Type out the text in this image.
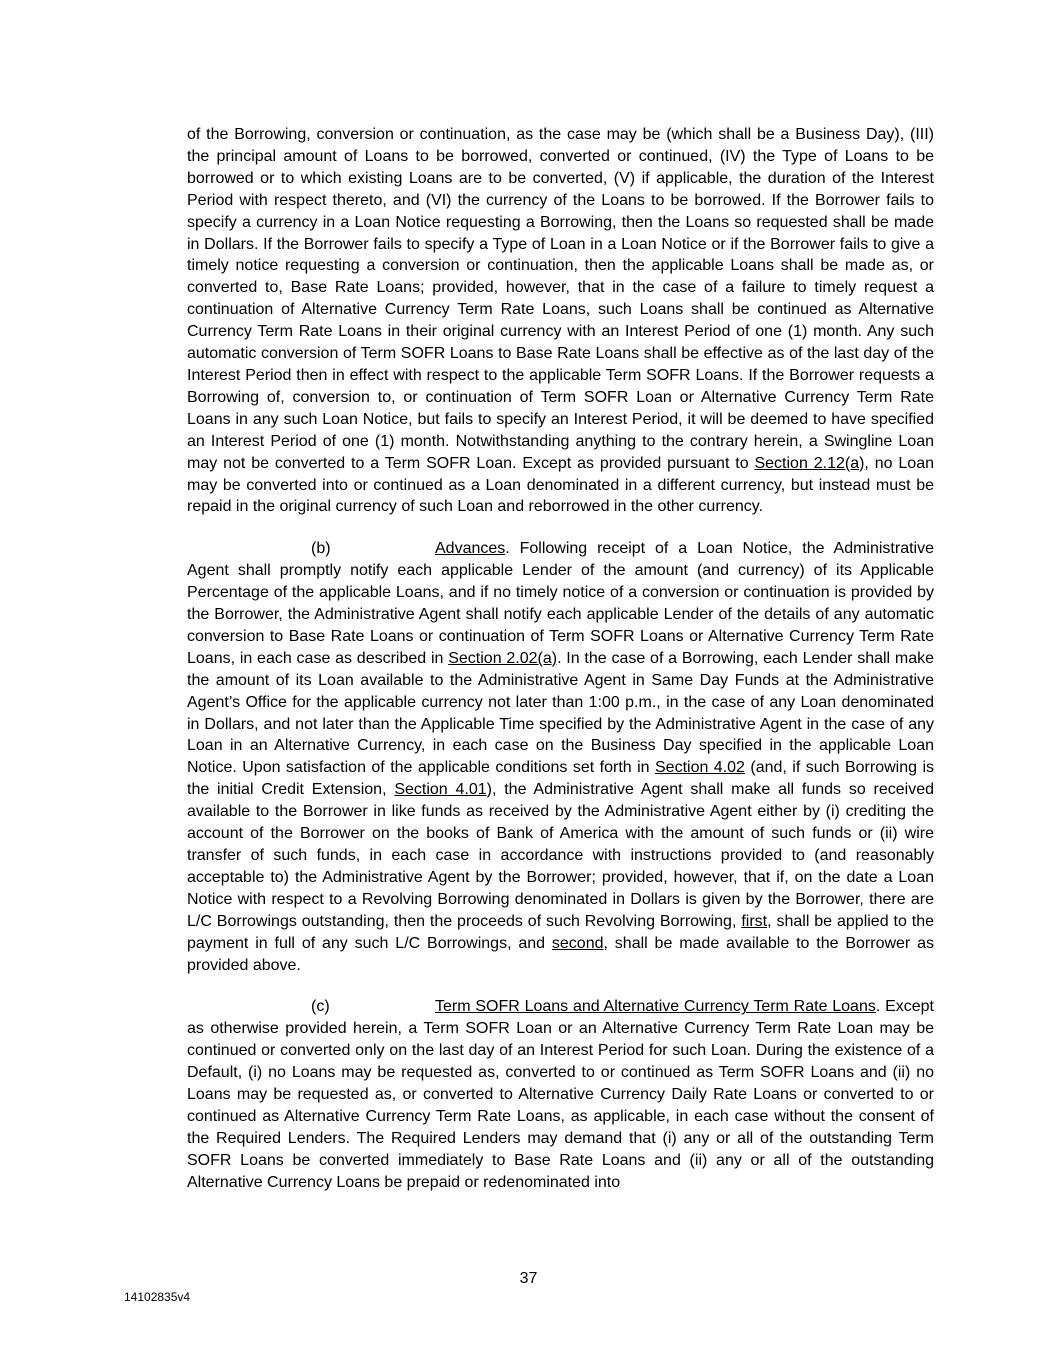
of the Borrowing, conversion or continuation, as the case may be (which shall be a Business Day), (III) the principal amount of Loans to be borrowed, converted or continued, (IV) the Type of Loans to be borrowed or to which existing Loans are to be converted, (V) if applicable, the duration of the Interest Period with respect thereto, and (VI) the currency of the Loans to be borrowed. If the Borrower fails to specify a currency in a Loan Notice requesting a Borrowing, then the Loans so requested shall be made in Dollars. If the Borrower fails to specify a Type of Loan in a Loan Notice or if the Borrower fails to give a timely notice requesting a conversion or continuation, then the applicable Loans shall be made as, or converted to, Base Rate Loans; provided, however, that in the case of a failure to timely request a continuation of Alternative Currency Term Rate Loans, such Loans shall be continued as Alternative Currency Term Rate Loans in their original currency with an Interest Period of one (1) month. Any such automatic conversion of Term SOFR Loans to Base Rate Loans shall be effective as of the last day of the Interest Period then in effect with respect to the applicable Term SOFR Loans. If the Borrower requests a Borrowing of, conversion to, or continuation of Term SOFR Loan or Alternative Currency Term Rate Loans in any such Loan Notice, but fails to specify an Interest Period, it will be deemed to have specified an Interest Period of one (1) month. Notwithstanding anything to the contrary herein, a Swingline Loan may not be converted to a Term SOFR Loan. Except as provided pursuant to Section 2.12(a), no Loan may be converted into or continued as a Loan denominated in a different currency, but instead must be repaid in the original currency of such Loan and reborrowed in the other currency.

(b)	Advances. Following receipt of a Loan Notice, the Administrative Agent shall promptly notify each applicable Lender of the amount (and currency) of its Applicable Percentage of the applicable Loans, and if no timely notice of a conversion or continuation is provided by the Borrower, the Administrative Agent shall notify each applicable Lender of the details of any automatic conversion to Base Rate Loans or continuation of Term SOFR Loans or Alternative Currency Term Rate Loans, in each case as described in Section 2.02(a). In the case of a Borrowing, each Lender shall make the amount of its Loan available to the Administrative Agent in Same Day Funds at the Administrative Agent’s Office for the applicable currency not later than 1:00 p.m., in the case of any Loan denominated in Dollars, and not later than the Applicable Time specified by the Administrative Agent in the case of any Loan in an Alternative Currency, in each case on the Business Day specified in the applicable Loan Notice. Upon satisfaction of the applicable conditions set forth in Section 4.02 (and, if such Borrowing is the initial Credit Extension, Section 4.01), the Administrative Agent shall make all funds so received available to the Borrower in like funds as received by the Administrative Agent either by (i) crediting the account of the Borrower on the books of Bank of America with the amount of such funds or (ii) wire transfer of such funds, in each case in accordance with instructions provided to (and reasonably acceptable to) the Administrative Agent by the Borrower; provided, however, that if, on the date a Loan Notice with respect to a Revolving Borrowing denominated in Dollars is given by the Borrower, there are L/C Borrowings outstanding, then the proceeds of such Revolving Borrowing, first, shall be applied to the payment in full of any such L/C Borrowings, and second, shall be made available to the Borrower as provided above.

(c)	Term SOFR Loans and Alternative Currency Term Rate Loans. Except as otherwise provided herein, a Term SOFR Loan or an Alternative Currency Term Rate Loan may be continued or converted only on the last day of an Interest Period for such Loan. During the existence of a Default, (i) no Loans may be requested as, converted to or continued as Term SOFR Loans and (ii) no Loans may be requested as, or converted to Alternative Currency Daily Rate Loans or converted to or continued as Alternative Currency Term Rate Loans, as applicable, in each case without the consent of the Required Lenders. The Required Lenders may demand that (i) any or all of the outstanding Term SOFR Loans be converted immediately to Base Rate Loans and (ii) any or all of the outstanding Alternative Currency Loans be prepaid or redenominated into

37
14102835v4
